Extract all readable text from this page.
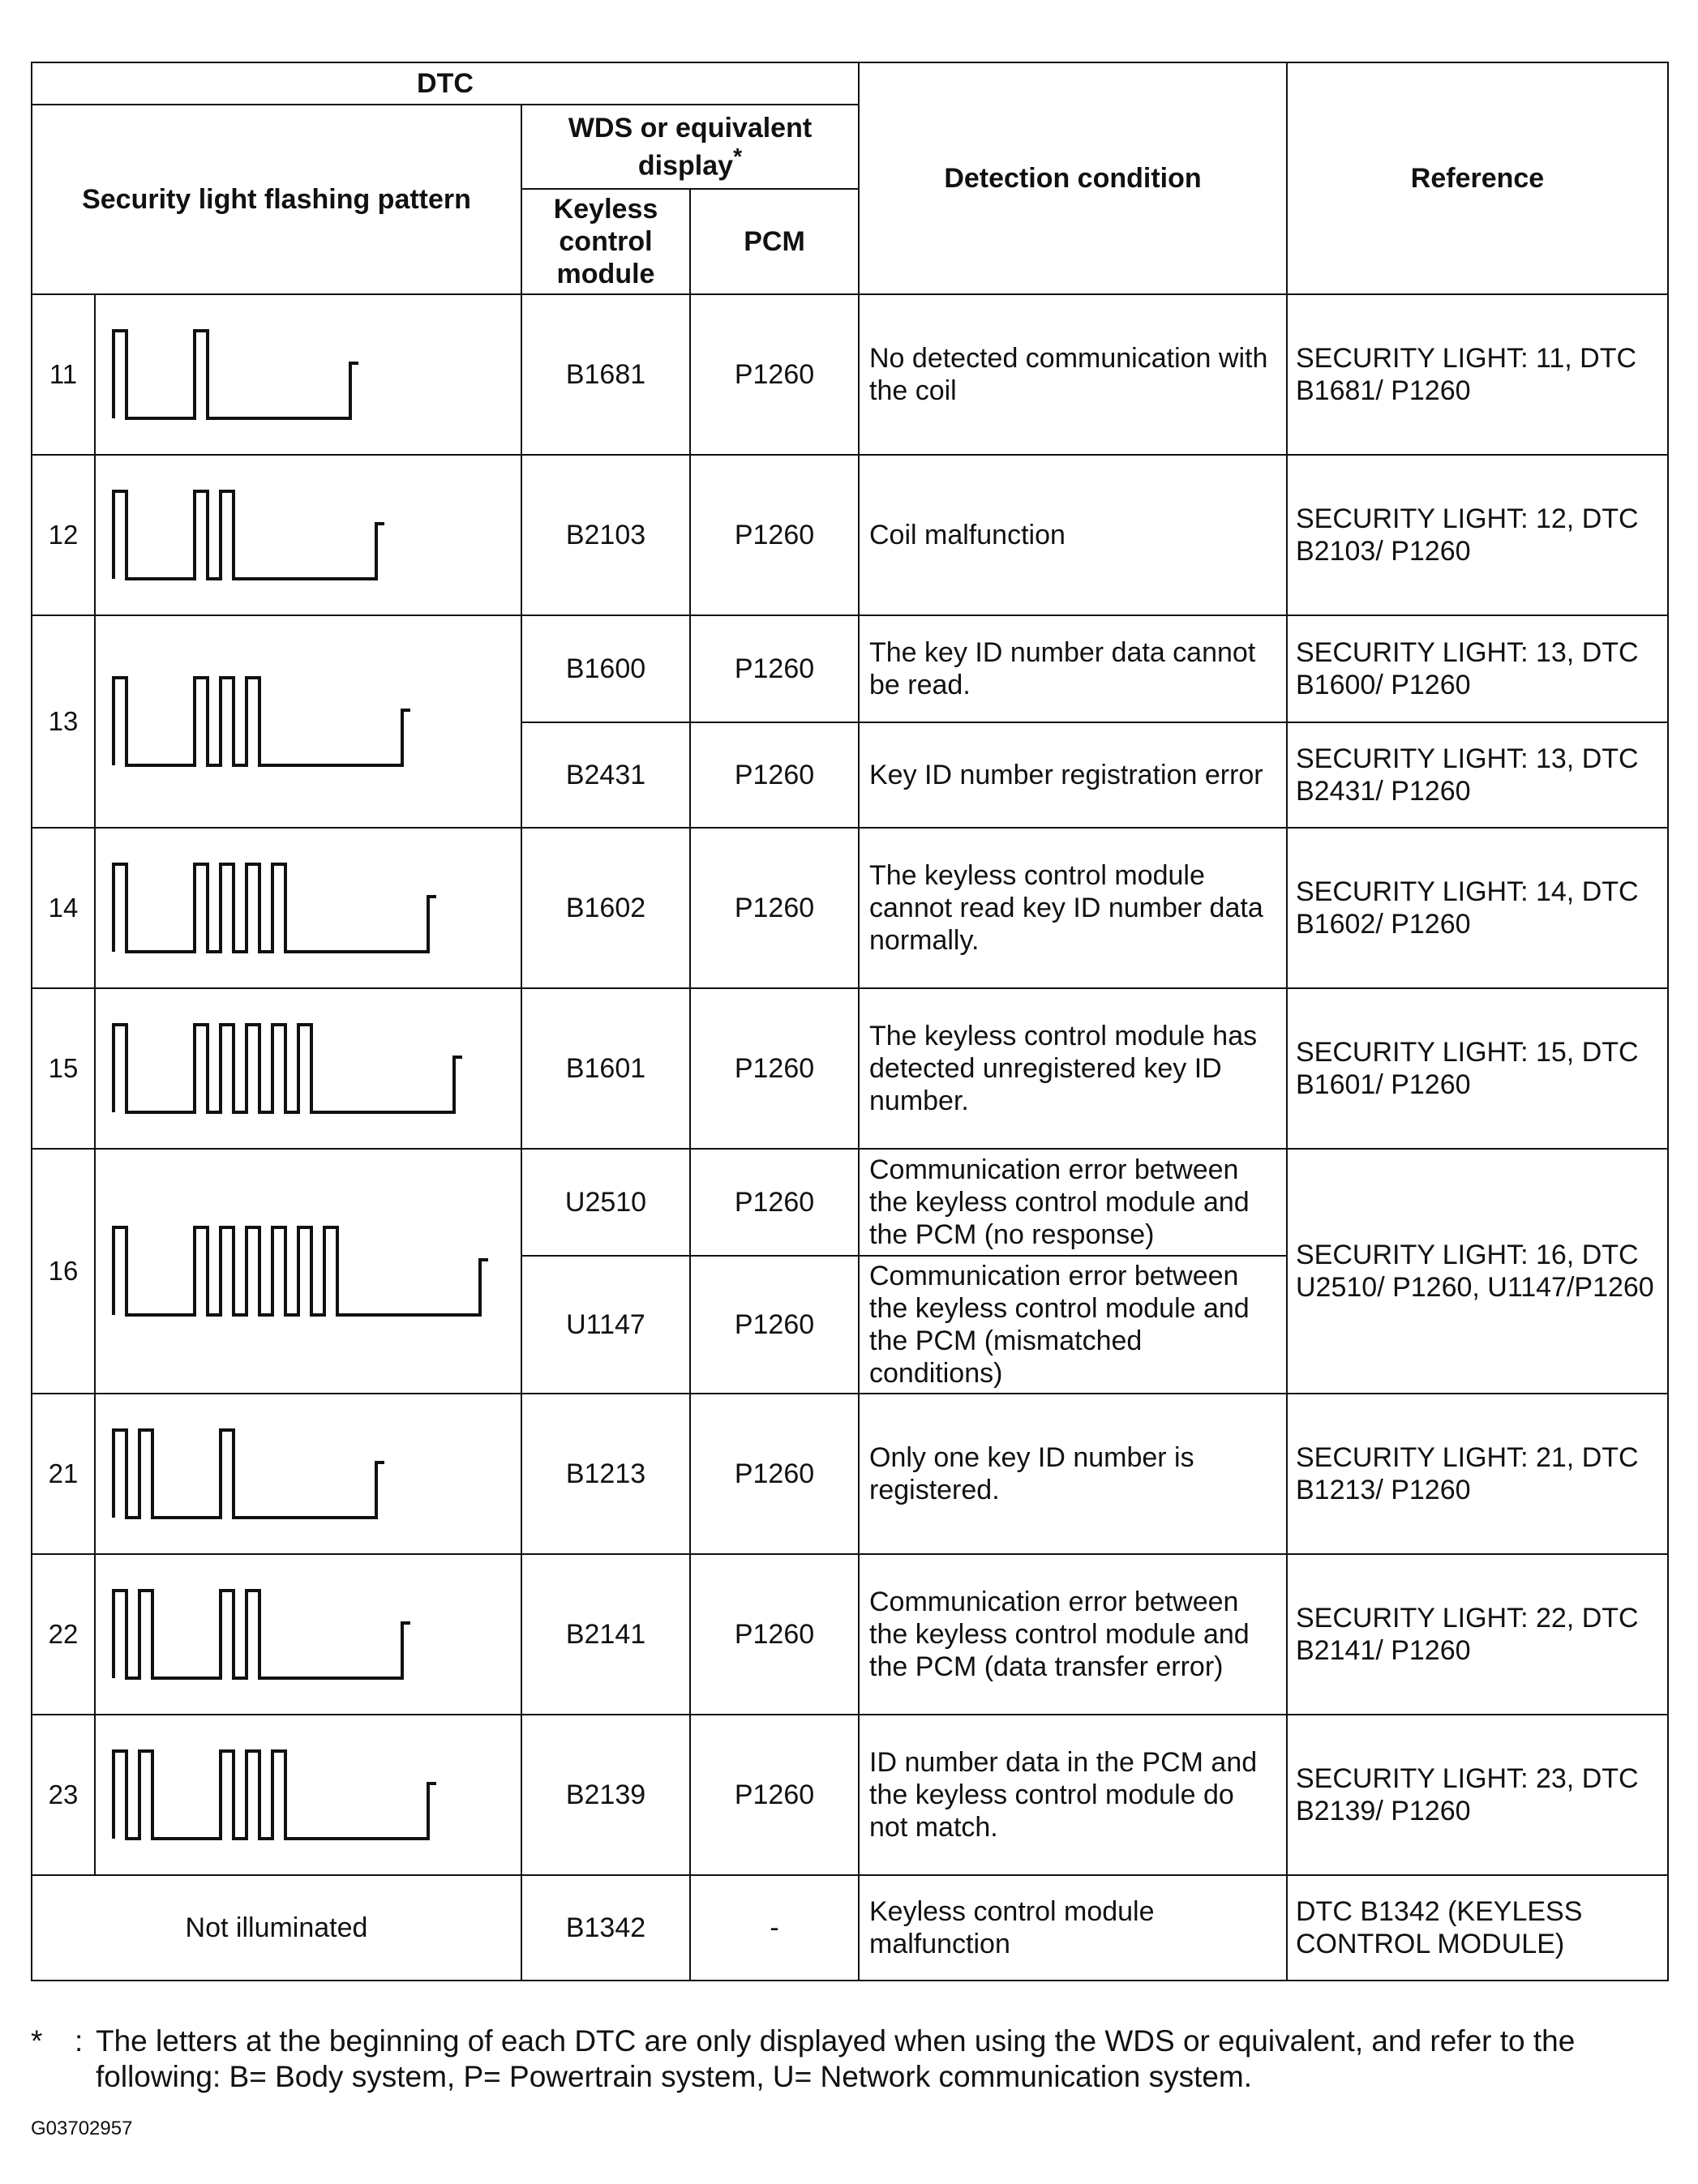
DTC				Detection condition	Reference
Security light flashing pattern		WDS or equivalent display*
		Keyless control module	PCM		
11		B1681	P1260	No detected communication with the coil	SECURITY LIGHT: 11, DTC B1681/ P1260
12		B2103	P1260	Coil malfunction	SECURITY LIGHT: 12, DTC B2103/ P1260
13		B1600	P1260	The key ID number data cannot be read.	SECURITY LIGHT: 13, DTC B1600/ P1260
		B2431	P1260	Key ID number registration error	SECURITY LIGHT: 13, DTC B2431/ P1260
14		B1602	P1260	The keyless control module cannot read key ID number data normally.	SECURITY LIGHT: 14, DTC B1602/ P1260
15		B1601	P1260	The keyless control module has detected unregistered key ID number.	SECURITY LIGHT: 15, DTC B1601/ P1260
16		U2510	P1260	Communication error between the keyless control module and the PCM (no response)	SECURITY LIGHT: 16, DTC U2510/ P1260, U1147/P1260
		U1147	P1260	Communication error between the keyless control module and the PCM (mismatched conditions)	
21		B1213	P1260	Only one key ID number is registered.	SECURITY LIGHT: 21, DTC B1213/ P1260
22		B2141	P1260	Communication error between the keyless control module and the PCM (data transfer error)	SECURITY LIGHT: 22, DTC B2141/ P1260
23		B2139	P1260	ID number data in the PCM and the keyless control module do not match.	SECURITY LIGHT: 23, DTC B2139/ P1260
Not illuminated		B1342	-	Keyless control module malfunction	DTC B1342 (KEYLESS CONTROL MODULE)
* : The letters at the beginning of each DTC are only displayed when using the WDS or equivalent, and refer to the following: B= Body system, P= Powertrain system, U= Network communication system.
G03702957
